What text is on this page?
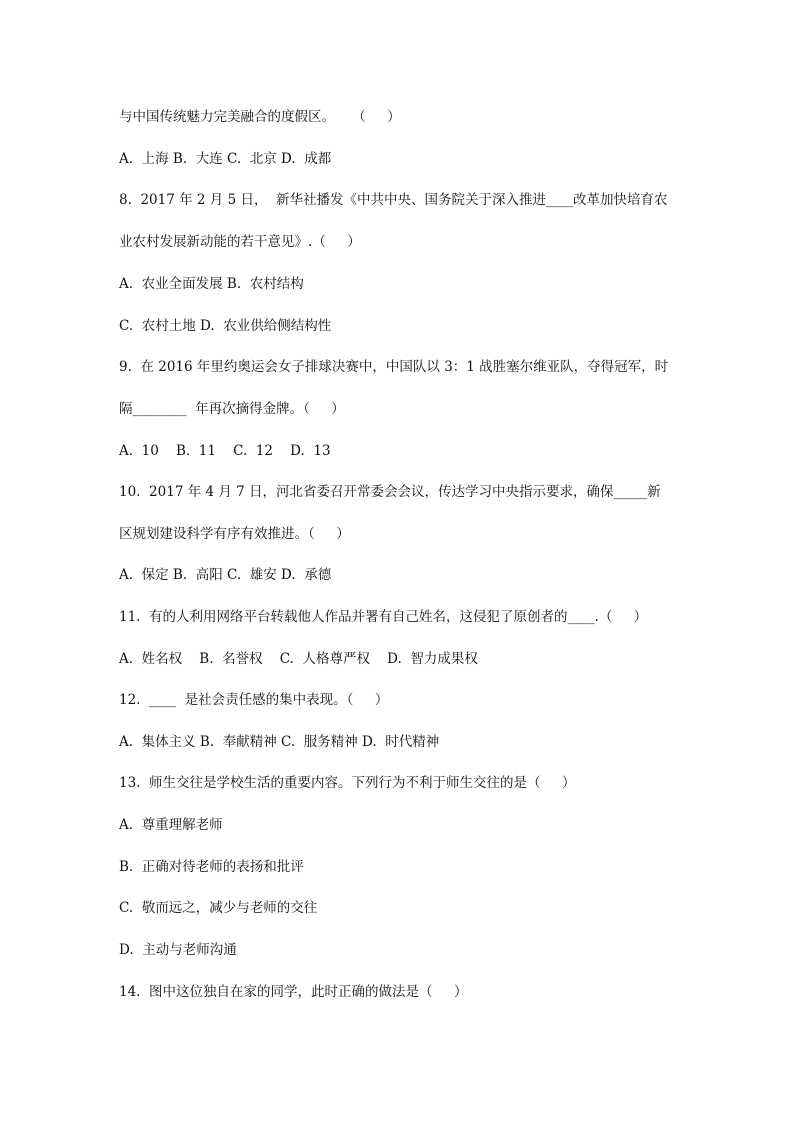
与中国传统魅力完美融合的度假区。    （     ）
A.  上海 B.  大连 C.  北京 D.  成都
8.  2017 年 2 月 5 日，  新华社播发《中共中央、国务院关于深入推进____改革加快培育农
业农村发展新动能的若干意见》.（     ）
A.  农业全面发展 B.  农村结构
C.  农村土地 D.  农业供给侧结构性
9.  在 2016 年里约奥运会女子排球决赛中，中国队以 3：1 战胜塞尔维亚队，夺得冠军，时
隔________  年再次摘得金牌。（     ）
A.  10    B.  11    C.  12    D.  13
10.  2017 年 4 月 7 日，河北省委召开常委会会议，传达学习中央指示要求，确保_____新
区规划建设科学有序有效推进。（     ）
A.  保定 B.  高阳 C.  雄安 D.  承德
11.  有的人利用网络平台转载他人作品并署有自己姓名，这侵犯了原创者的____.（     ）
A.  姓名权    B.  名誉权    C.  人格尊严权    D.  智力成果权
12.  ____  是社会责任感的集中表现。（     ）
A.  集体主义 B.  奉献精神 C.  服务精神 D.  时代精神
13.  师生交往是学校生活的重要内容。下列行为不利于师生交往的是（     ）
A.  尊重理解老师
B.  正确对待老师的表扬和批评
C.  敬而远之，减少与老师的交往
D.  主动与老师沟通
14.  图中这位独自在家的同学，此时正确的做法是（     ）
